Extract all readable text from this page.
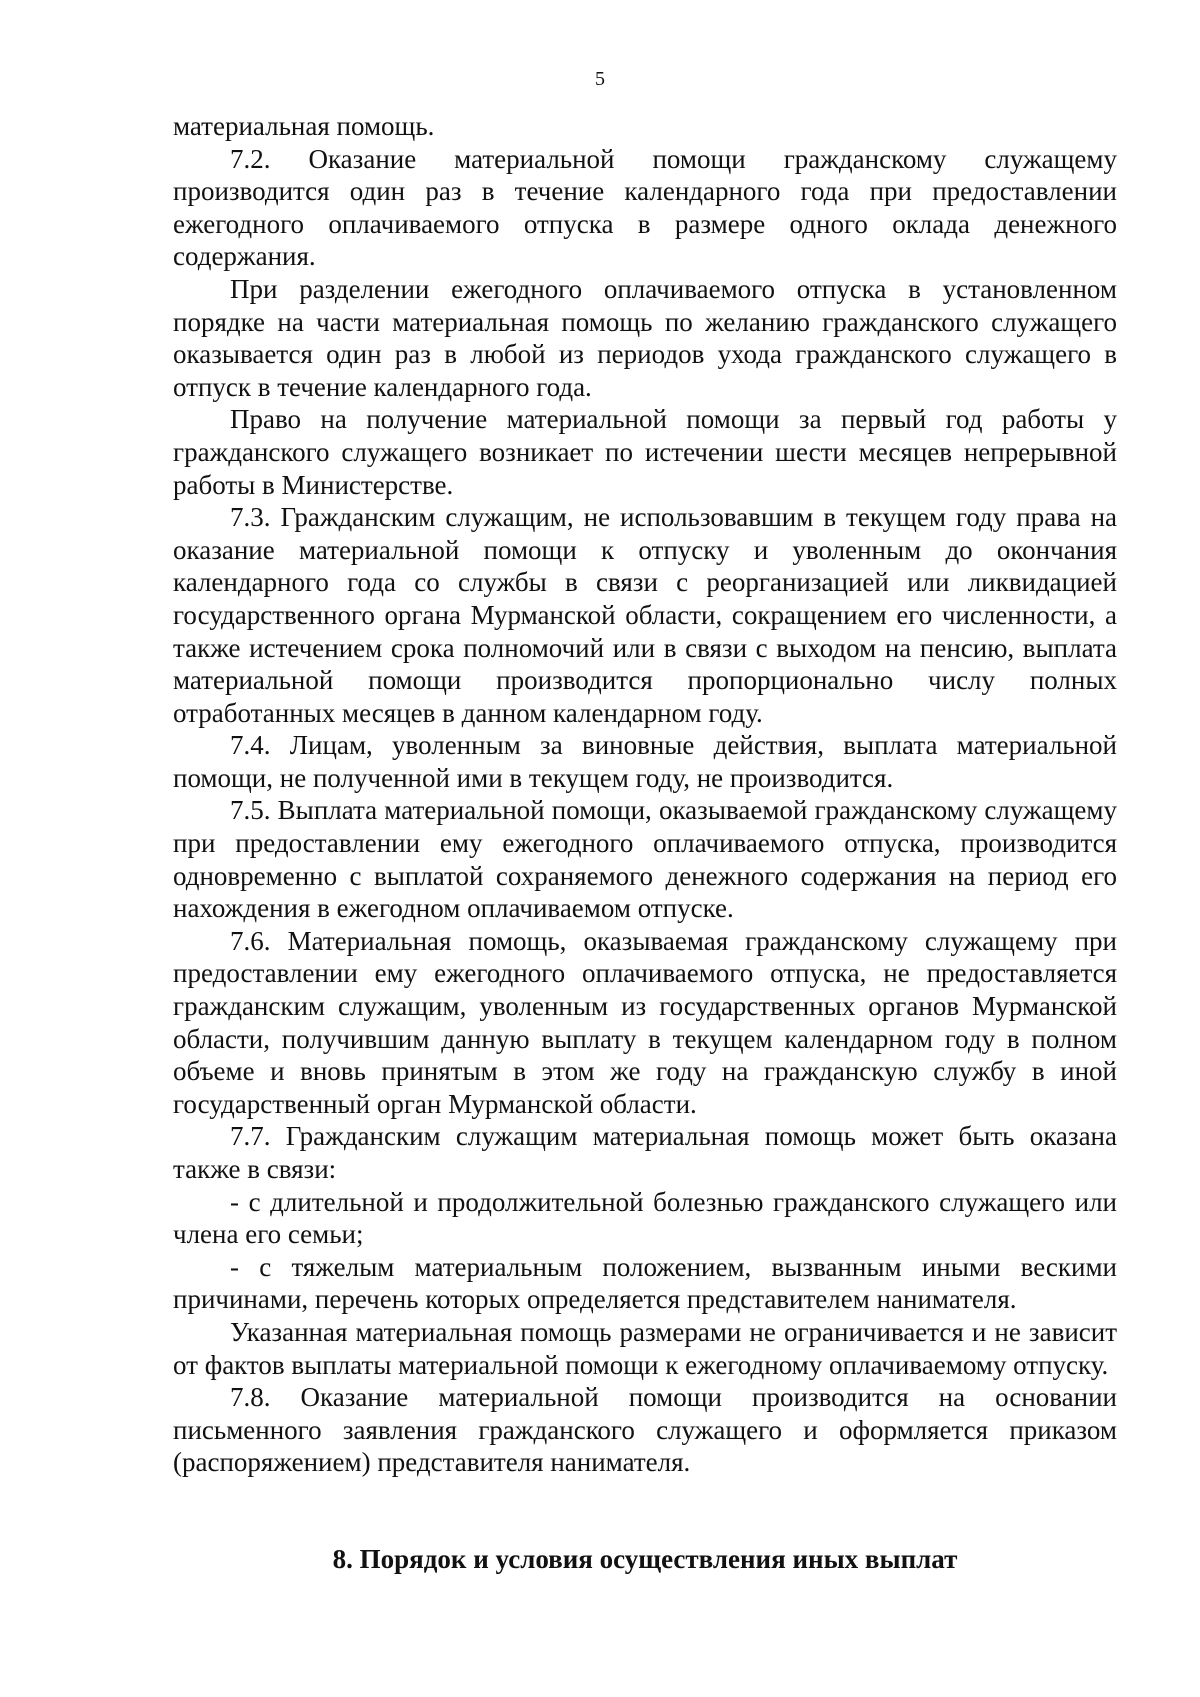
5

материальная помощь.

7.2. Оказание материальной помощи гражданскому служащему производится один раз в течение календарного года при предоставлении ежегодного оплачиваемого отпуска в размере одного оклада денежного содержания.

При разделении ежегодного оплачиваемого отпуска в установленном порядке на части материальная помощь по желанию гражданского служащего оказывается один раз в любой из периодов ухода гражданского служащего в отпуск в течение календарного года.

Право на получение материальной помощи за первый год работы у гражданского служащего возникает по истечении шести месяцев непрерывной работы в Министерстве.

7.3. Гражданским служащим, не использовавшим в текущем году права на оказание материальной помощи к отпуску и уволенным до окончания календарного года со службы в связи с реорганизацией или ликвидацией государственного органа Мурманской области, сокращением его численности, а также истечением срока полномочий или в связи с выходом на пенсию, выплата материальной помощи производится пропорционально числу полных отработанных месяцев в данном календарном году.

7.4. Лицам, уволенным за виновные действия, выплата материальной помощи, не полученной ими в текущем году, не производится.

7.5. Выплата материальной помощи, оказываемой гражданскому служащему при предоставлении ему ежегодного оплачиваемого отпуска, производится одновременно с выплатой сохраняемого денежного содержания на период его нахождения в ежегодном оплачиваемом отпуске.

7.6. Материальная помощь, оказываемая гражданскому служащему при предоставлении ему ежегодного оплачиваемого отпуска, не предоставляется гражданским служащим, уволенным из государственных органов Мурманской области, получившим данную выплату в текущем календарном году в полном объеме и вновь принятым в этом же году на гражданскую службу в иной государственный орган Мурманской области.

7.7. Гражданским служащим материальная помощь может быть оказана также в связи:

- с длительной и продолжительной болезнью гражданского служащего или члена его семьи;

- с тяжелым материальным положением, вызванным иными вескими причинами, перечень которых определяется представителем нанимателя.

Указанная материальная помощь размерами не ограничивается и не зависит от фактов выплаты материальной помощи к ежегодному оплачиваемому отпуску.

7.8. Оказание материальной помощи производится на основании письменного заявления гражданского служащего и оформляется приказом (распоряжением) представителя нанимателя.

8. Порядок и условия осуществления иных выплат
